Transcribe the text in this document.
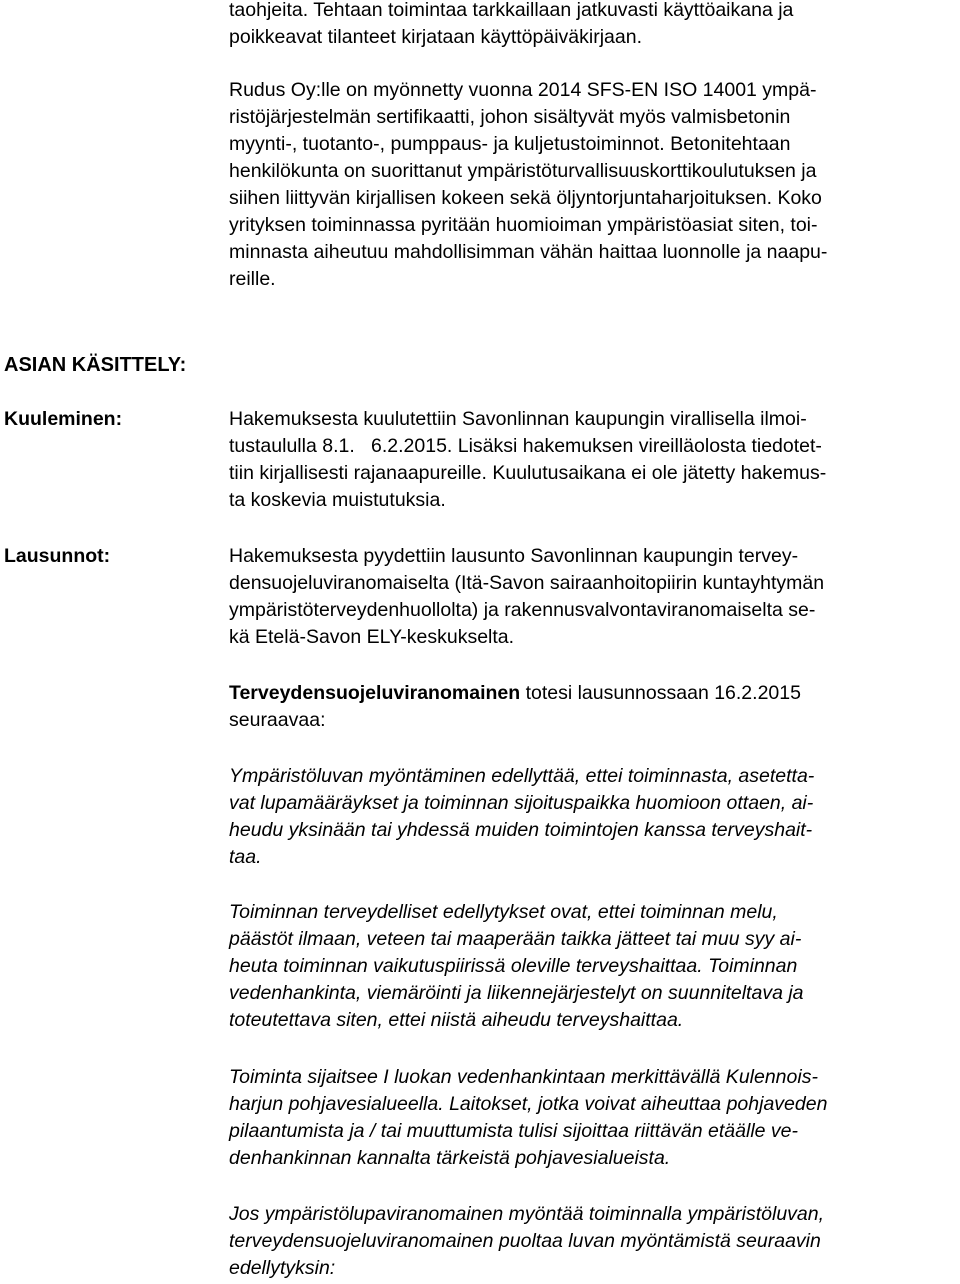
taohjeita. Tehtaan toimintaa tarkkaillaan jatkuvasti käyttöaikana ja
poikkeavat tilanteet kirjataan käyttöpäiväkirjaan.
Rudus Oy:lle on myönnetty vuonna 2014 SFS-EN ISO 14001 ympä-
ristöjärjestelmän sertifikaatti, johon sisältyvät myös valmisbetonin
myynti-, tuotanto-, pumppaus- ja kuljetustoiminnot. Betonitehtaan
henkilökunta on suorittanut ympäristöturvallisuuskorttikoulutuksen ja
siihen liittyvän kirjallisen kokeen sekä öljyntorjuntaharjoituksen. Koko
yrityksen toiminnassa pyritään huomioiman ympäristöasiat siten, toi-
minnasta aiheutuu mahdollisimman vähän haittaa luonnolle ja naapu-
reille.
ASIAN KÄSITTELY:
Kuuleminen:	Hakemuksesta kuulutettiin Savonlinnan kaupungin virallisella ilmoi-
tustaululla 8.1.   6.2.2015. Lisäksi hakemuksen vireilläolosta tiedotet-
tiin kirjallisesti rajanaapureille. Kuulutusaikana ei ole jätetty hakemus-
ta koskevia muistutuksia.
Lausunnot:	Hakemuksesta pyydettiin lausunto Savonlinnan kaupungin tervey-
densuojeluviranomaiselta (Itä-Savon sairaanhoitopiirin kuntayhtymän
ympäristöterveydenhuollolta) ja rakennusvalvontaviranomaiselta se-
kä Etelä-Savon ELY-keskukselta.
Terveydensuojeluviranomainen totesi lausunnossaan 16.2.2015
seuraavaa:
Ympäristöluvan myöntäminen edellyttää, ettei toiminnasta, asetetta-
vat lupamääräykset ja toiminnan sijoituspaikka huomioon ottaen, ai-
heudu yksinään tai yhdessä muiden toimintojen kanssa terveyshait-
taa.
Toiminnan terveydelliset edellytykset ovat, ettei toiminnan melu,
päästöt ilmaan, veteen tai maaperään taikka jätteet tai muu syy ai-
heuta toiminnan vaikutuspiirissä oleville terveyshaittaa. Toiminnan
vedenhankinta, viemäröinti ja liikennejärjestelyt on suunniteltava ja
toteutettava siten, ettei niistä aiheudu terveyshaittaa.
Toiminta sijaitsee I luokan vedenhankintaan merkittävällä Kulennois-
harjun pohjavesialueella. Laitokset, jotka voivat aiheuttaa pohjaveden
pilaantumista ja / tai muuttumista tulisi sijoittaa riittävän etäälle ve-
denhankinnan kannalta tärkeistä pohjavesialueista.
Jos ympäristölupaviranomainen myöntää toiminnalla ympäristöluvan,
terveydensuojeluviranomainen puoltaa luvan myöntämistä seuraavin
edellytyksin:
